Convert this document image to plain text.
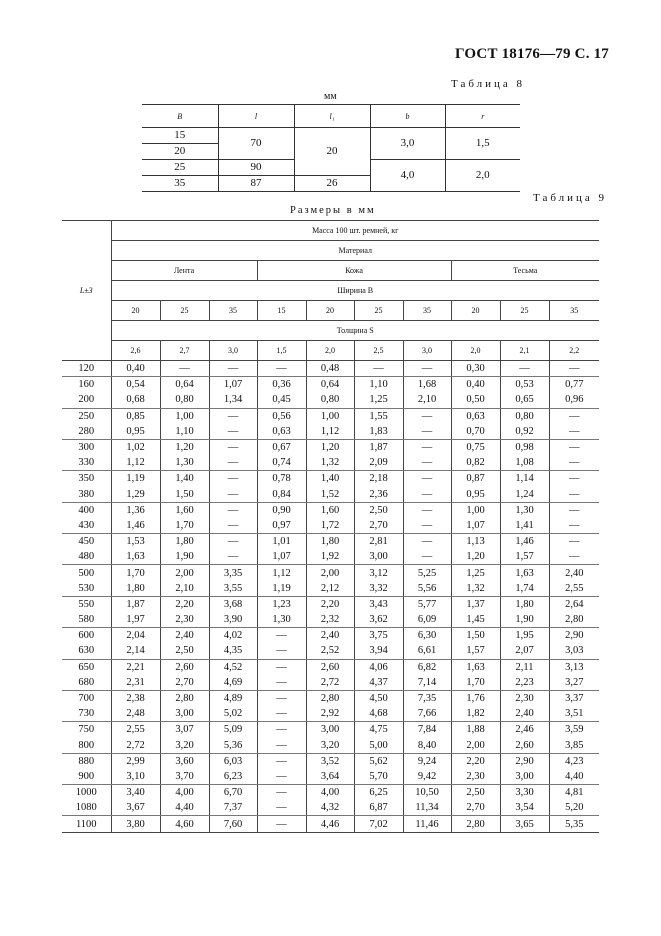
ГОСТ 18176—79 С. 17
Таблица 8
мм
B	l	l₁	b	r
15	70	20	3,0	1,5
20				
25	90		4,0	2,0
35	87	26		
Таблица 9
Размеры в мм
L±3	Масса 100 шт. ремней, кг									
	Материал									
	Лента			Кожа				Тесьма		
	Ширина B									
	20	25	35	15	20	25	35	20	25	35
	Толщина S									
	2,6	2,7	3,0	1,5	2,0	2,5	3,0	2,0	2,1	2,2
120	0,40	—	—	—	0,48	—	—	0,30	—	—
160	0,54	0,64	1,07	0,36	0,64	1,10	1,68	0,40	0,53	0,77
200	0,68	0,80	1,34	0,45	0,80	1,25	2,10	0,50	0,65	0,96
250	0,85	1,00	—	0,56	1,00	1,55	—	0,63	0,80	—
280	0,95	1,10	—	0,63	1,12	1,83	—	0,70	0,92	—
300	1,02	1,20	—	0,67	1,20	1,87	—	0,75	0,98	—
330	1,12	1,30	—	0,74	1,32	2,09	—	0,82	1,08	—
350	1,19	1,40	—	0,78	1,40	2,18	—	0,87	1,14	—
380	1,29	1,50	—	0,84	1,52	2,36	—	0,95	1,24	—
400	1,36	1,60	—	0,90	1,60	2,50	—	1,00	1,30	—
430	1,46	1,70	—	0,97	1,72	2,70	—	1,07	1,41	—
450	1,53	1,80	—	1,01	1,80	2,81	—	1,13	1,46	—
480	1,63	1,90	—	1,07	1,92	3,00	—	1,20	1,57	—
500	1,70	2,00	3,35	1,12	2,00	3,12	5,25	1,25	1,63	2,40
530	1,80	2,10	3,55	1,19	2,12	3,32	5,56	1,32	1,74	2,55
550	1,87	2,20	3,68	1,23	2,20	3,43	5,77	1,37	1,80	2,64
580	1,97	2,30	3,90	1,30	2,32	3,62	6,09	1,45	1,90	2,80
600	2,04	2,40	4,02	—	2,40	3,75	6,30	1,50	1,95	2,90
630	2,14	2,50	4,35	—	2,52	3,94	6,61	1,57	2,07	3,03
650	2,21	2,60	4,52	—	2,60	4,06	6,82	1,63	2,11	3,13
680	2,31	2,70	4,69	—	2,72	4,37	7,14	1,70	2,23	3,27
700	2,38	2,80	4,89	—	2,80	4,50	7,35	1,76	2,30	3,37
730	2,48	3,00	5,02	—	2,92	4,68	7,66	1,82	2,40	3,51
750	2,55	3,07	5,09	—	3,00	4,75	7,84	1,88	2,46	3,59
800	2,72	3,20	5,36	—	3,20	5,00	8,40	2,00	2,60	3,85
880	2,99	3,60	6,03	—	3,52	5,62	9,24	2,20	2,90	4,23
900	3,10	3,70	6,23	—	3,64	5,70	9,42	2,30	3,00	4,40
1000	3,40	4,00	6,70	—	4,00	6,25	10,50	2,50	3,30	4,81
1080	3,67	4,40	7,37	—	4,32	6,87	11,34	2,70	3,54	5,20
1100	3,80	4,60	7,60	—	4,46	7,02	11,46	2,80	3,65	5,35
